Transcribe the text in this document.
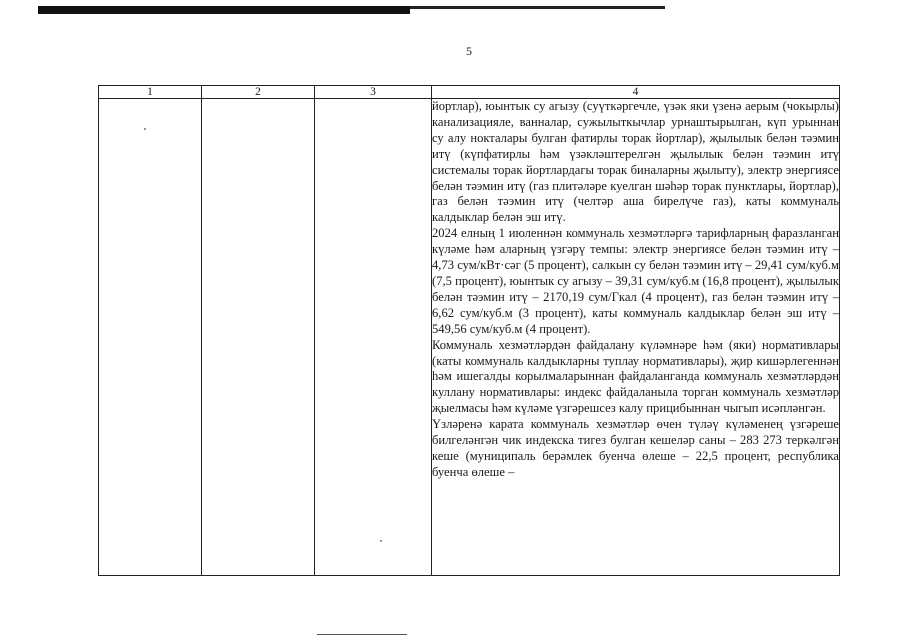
5
1	2	3	4

			йортлар), юынтык су агызу (суүткәргечле, үзәк яки үзенә аерым (чокырлы) канализацияле, ванналар, сужылыткычлар урнаштырылган, күп урыннан су алу нокталары булган фатирлы торак йортлар), җылылык белән тәэмин итү (күпфатирлы һәм үзәкләштерелгән җылылык белән тәэмин итү системалы торак йортлардагы торак биналарны җылыту), электр энергиясе белән тәэмин итү (газ плитәләре куелган шәһәр торак пунктлары, йортлар), газ белән тәэмин итү (челтәр аша бирелүче газ), каты коммуналь калдыклар белән эш итү.

2024 елның 1 июленнән коммуналь хезмәтләргә тарифларның фаразланган күләме һәм аларның үзгәрү темпы: электр энергиясе белән тәэмин итү – 4,73 сум/кВт·сәг (5 процент), салкын су белән тәэмин итү – 29,41 сум/куб.м (7,5 процент), юынтык су агызу – 39,31 сум/куб.м (16,8 процент), җылылык белән тәэмин итү – 2170,19 сум/Гкал (4 процент), газ белән тәэмин итү – 6,62 сум/куб.м (3 процент), каты коммуналь калдыклар белән эш итү – 549,56 сум/куб.м (4 процент).

Коммуналь хезмәтләрдән файдалану күләмнәре һәм (яки) нормативлары (каты коммуналь калдыкларны туплау нормативлары), җир кишәрлегеннән һәм ишегалды корылмаларыннан файдаланганда коммуналь хезмәтләрдән куллану нормативлары: индекс файдаланыла торган коммуналь хезмәтләр җыелмасы һәм күләме үзгәрешсез калу прицибыннан чыгып исәпләнгән.

Үзләренә карата коммуналь хезмәтләр өчен түләү күләменең үзгәреше билгеләнгән чик индекска тигез булган кешеләр саны – 283 273 теркәлгән кеше (муниципаль берәмлек буенча өлеше – 22,5 процент, республика буенча өлеше –
